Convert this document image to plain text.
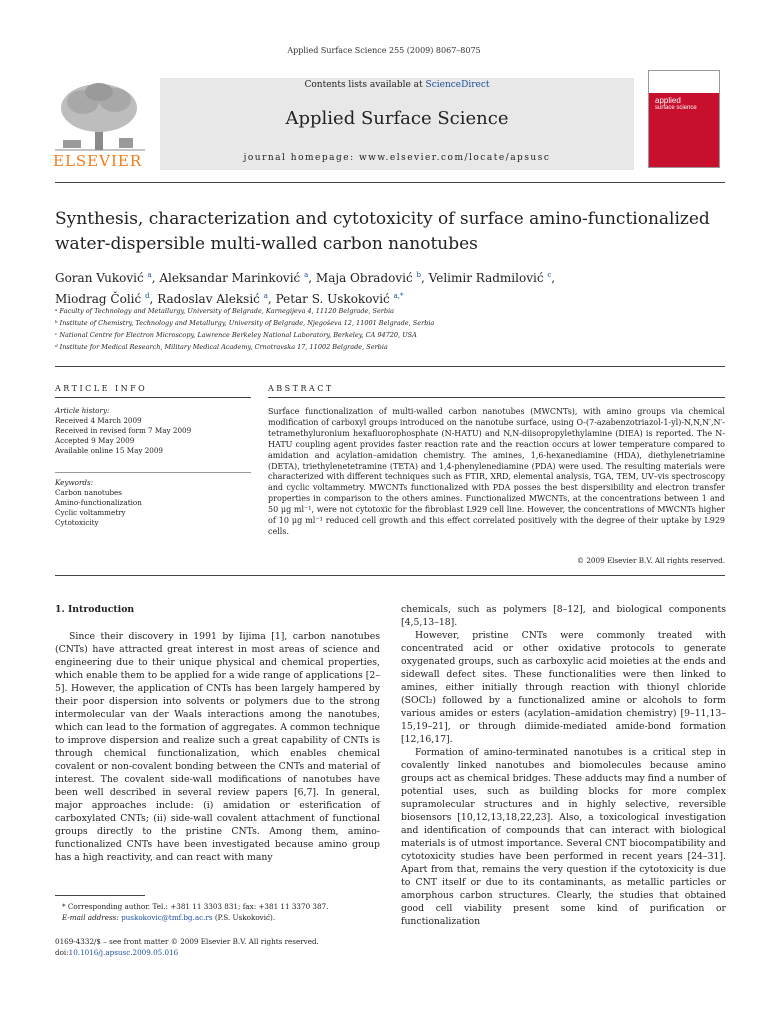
Applied Surface Science 255 (2009) 8067–8075
ELSEVIER
Contents lists available at ScienceDirect
Applied Surface Science
journal homepage: www.elsevier.com/locate/apsusc
applied
surface science
Synthesis, characterization and cytotoxicity of surface amino-functionalized
water-dispersible multi-walled carbon nanotubes
Goran Vuković $^a$, Aleksandar Marinković $^a$, Maja Obradović $^b$, Velimir Radmilović $^c$,
Miodrag Čolić $^d$, Radoslav Aleksić $^a$, Petar S. Uskoković $^{a,*}$
ᵃ Faculty of Technology and Metallurgy, University of Belgrade, Karnegijeva 4, 11120 Belgrade, Serbia
ᵇ Institute of Chemistry, Technology and Metallurgy, University of Belgrade, Njegoševa 12, 11001 Belgrade, Serbia
ᶜ National Centre for Electron Microscopy, Lawrence Berkeley National Laboratory, Berkeley, CA 94720, USA
ᵈ Institute for Medical Research, Military Medical Academy, Crnotravska 17, 11002 Belgrade, Serbia
ARTICLE INFO
Article history:
Received 4 March 2009
Received in revised form 7 May 2009
Accepted 9 May 2009
Available online 15 May 2009
Keywords:
Carbon nanotubes
Amino-functionalization
Cyclic voltammetry
Cytotoxicity
ABSTRACT
Surface functionalization of multi-walled carbon nanotubes (MWCNTs), with amino groups via chemical modification of carboxyl groups introduced on the nanotube surface, using O-(7-azabenzotriazol-1-yl)-N,N,N′,N′-tetramethyluronium hexafluorophosphate (N-HATU) and N,N-diisopropylethylamine (DIEA) is reported. The N-HATU coupling agent provides faster reaction rate and the reaction occurs at lower temperature compared to amidation and acylation–amidation chemistry. The amines, 1,6-hexanediamine (HDA), diethylenetriamine (DETA), triethylenetetramine (TETA) and 1,4-phenylenediamine (PDA) were used. The resulting materials were characterized with different techniques such as FTIR, XRD, elemental analysis, TGA, TEM, UV–vis spectroscopy and cyclic voltammetry. MWCNTs functionalized with PDA posses the best dispersibility and electron transfer properties in comparison to the others amines. Functionalized MWCNTs, at the concentrations between 1 and 50 μg ml⁻¹, were not cytotoxic for the fibroblast L929 cell line. However, the concentrations of MWCNTs higher of 10 μg ml⁻¹ reduced cell growth and this effect correlated positively with the degree of their uptake by L929 cells.
© 2009 Elsevier B.V. All rights reserved.
1. Introduction
Since their discovery in 1991 by Iijima [1], carbon nanotubes (CNTs) have attracted great interest in most areas of science and engineering due to their unique physical and chemical properties, which enable them to be applied for a wide range of applications [2–5]. However, the application of CNTs has been largely hampered by their poor dispersion into solvents or polymers due to the strong intermolecular van der Waals interactions among the nanotubes, which can lead to the formation of aggregates. A common technique to improve dispersion and realize such a great capability of CNTs is through chemical functionalization, which enables chemical covalent or non-covalent bonding between the CNTs and material of interest. The covalent side-wall modifications of nanotubes have been well described in several review papers [6,7]. In general, major approaches include: (i) amidation or esterification of carboxylated CNTs; (ii) side-wall covalent attachment of functional groups directly to the pristine CNTs. Among them, amino-functionalized CNTs have been investigated because amino group has a high reactivity, and can react with many
chemicals, such as polymers [8–12], and biological components [4,5,13–18].
However, pristine CNTs were commonly treated with concentrated acid or other oxidative protocols to generate oxygenated groups, such as carboxylic acid moieties at the ends and sidewall defect sites. These functionalities were then linked to amines, either initially through reaction with thionyl chloride (SOCl₂) followed by a functionalized amine or alcohols to form various amides or esters (acylation–amidation chemistry) [9–11,13–15,19–21], or through diimide-mediated amide-bond formation [12,16,17].
Formation of amino-terminated nanotubes is a critical step in covalently linked nanotubes and biomolecules because amino groups act as chemical bridges. These adducts may find a number of potential uses, such as building blocks for more complex supramolecular structures and in highly selective, reversible biosensors [10,12,13,18,22,23]. Also, a toxicological investigation and identification of compounds that can interact with biological materials is of utmost importance. Several CNT biocompatibility and cytotoxicity studies have been performed in recent years [24–31]. Apart from that, remains the very question if the cytotoxicity is due to CNT itself or due to its contaminants, as metallic particles or amorphous carbon structures. Clearly, the studies that obtained good cell viability present some kind of purification or functionalization
* Corresponding author. Tel.: +381 11 3303 831; fax: +381 11 3370 387.
E-mail address: puskokovic@tmf.bg.ac.rs (P.S. Uskoković).
0169-4332/$ – see front matter © 2009 Elsevier B.V. All rights reserved.
doi:10.1016/j.apsusc.2009.05.016
